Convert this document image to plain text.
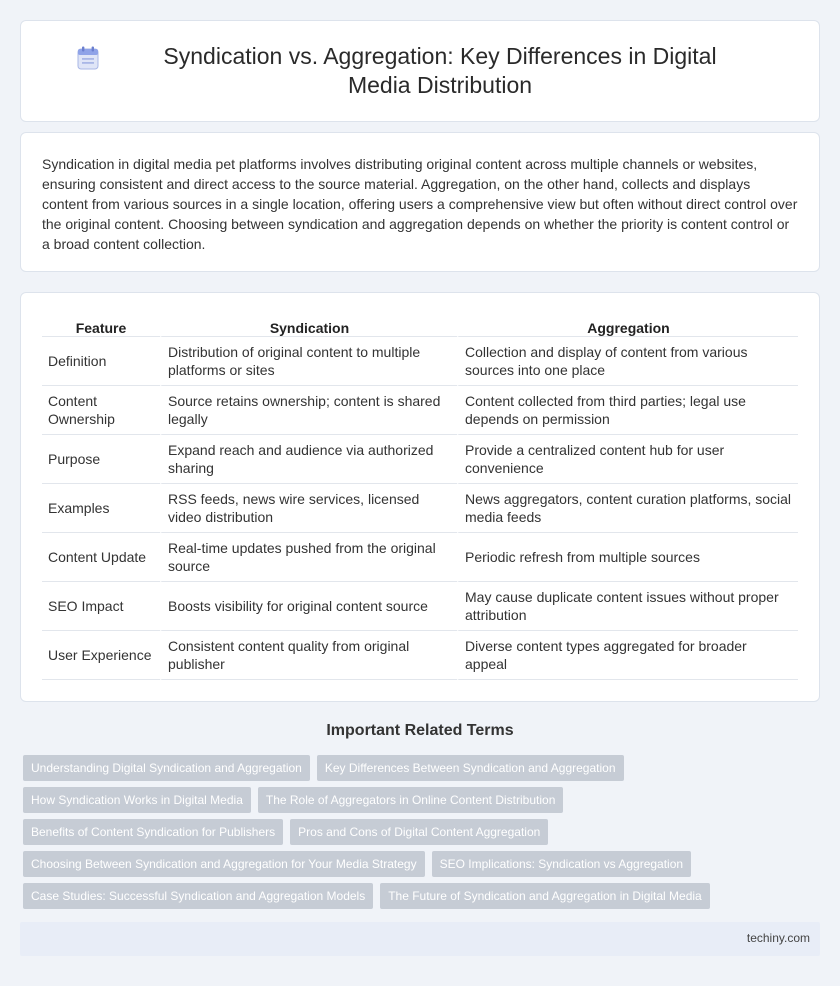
Syndication vs. Aggregation: Key Differences in Digital Media Distribution

Syndication in digital media pet platforms involves distributing original content across multiple channels or websites, ensuring consistent and direct access to the source material. Aggregation, on the other hand, collects and displays content from various sources in a single location, offering users a comprehensive view but often without direct control over the original content. Choosing between syndication and aggregation depends on whether the priority is content control or a broad content collection.

Feature	Syndication	Aggregation
Definition	Distribution of original content to multiple platforms or sites	Collection and display of content from various sources into one place
Content Ownership	Source retains ownership; content is shared legally	Content collected from third parties; legal use depends on permission
Purpose	Expand reach and audience via authorized sharing	Provide a centralized content hub for user convenience
Examples	RSS feeds, news wire services, licensed video distribution	News aggregators, content curation platforms, social media feeds
Content Update	Real-time updates pushed from the original source	Periodic refresh from multiple sources
SEO Impact	Boosts visibility for original content source	May cause duplicate content issues without proper attribution
User Experience	Consistent content quality from original publisher	Diverse content types aggregated for broader appeal
Important Related Terms
Understanding Digital Syndication and Aggregation	Key Differences Between Syndication and Aggregation
How Syndication Works in Digital Media	The Role of Aggregators in Online Content Distribution
Benefits of Content Syndication for Publishers	Pros and Cons of Digital Content Aggregation
Choosing Between Syndication and Aggregation for Your Media Strategy	SEO Implications: Syndication vs Aggregation
Case Studies: Successful Syndication and Aggregation Models	The Future of Syndication and Aggregation in Digital Media
techiny.com
